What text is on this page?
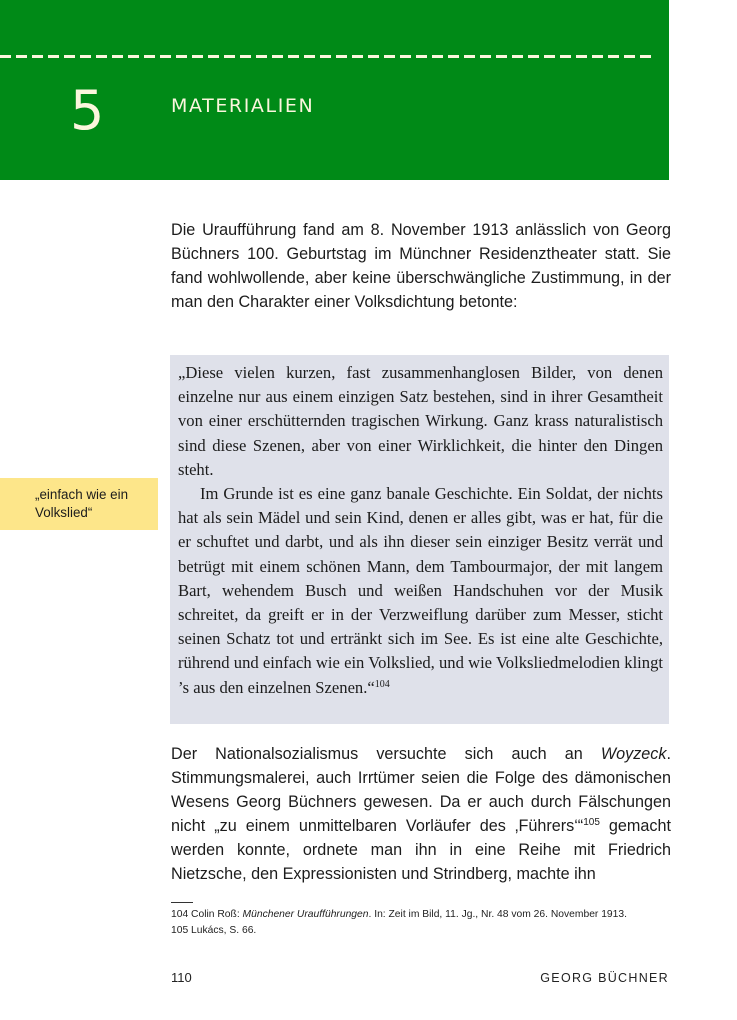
5	MATERIALIEN

Die Uraufführung fand am 8. November 1913 anlässlich von Georg Büchners 100. Geburtstag im Münchner Residenztheater statt. Sie fand wohlwollende, aber keine überschwängliche Zustimmung, in der man den Charakter einer Volksdichtung betonte:

„Diese vielen kurzen, fast zusammenhanglosen Bilder, von denen einzelne nur aus einem einzigen Satz bestehen, sind in ihrer Gesamtheit von einer erschütternden tragischen Wirkung. Ganz krass naturalistisch sind diese Szenen, aber von einer Wirklichkeit, die hinter den Dingen steht.

Im Grunde ist es eine ganz banale Geschichte. Ein Soldat, der nichts hat als sein Mädel und sein Kind, denen er alles gibt, was er hat, für die er schuftet und darbt, und als ihn dieser sein einziger Besitz verrät und betrügt mit einem schönen Mann, dem Tambourmajor, der mit langem Bart, wehendem Busch und weißen Handschuhen vor der Musik schreitet, da greift er in der Verzweiflung darüber zum Messer, sticht seinen Schatz tot und ertränkt sich im See. Es ist eine alte Geschichte, rührend und einfach wie ein Volkslied, und wie Volksliedmelodien klingt ’s aus den einzelnen Szenen.“$^{104}$

„einfach wie ein Volkslied“

Der Nationalsozialismus versuchte sich auch an Woyzeck. Stimmungsmalerei, auch Irrtümer seien die Folge des dämonischen Wesens Georg Büchners gewesen. Da er auch durch Fälschungen nicht „zu einem unmittelbaren Vorläufer des ‚Führers‘“$^{105}$ gemacht werden konnte, ordnete man ihn in eine Reihe mit Friedrich Nietzsche, den Expressionisten und Strindberg, machte ihn

104 Colin Roß: Münchener Uraufführungen. In: Zeit im Bild, 11. Jg., Nr. 48 vom 26. November 1913.
105 Lukács, S. 66.
110	GEORG BÜCHNER
